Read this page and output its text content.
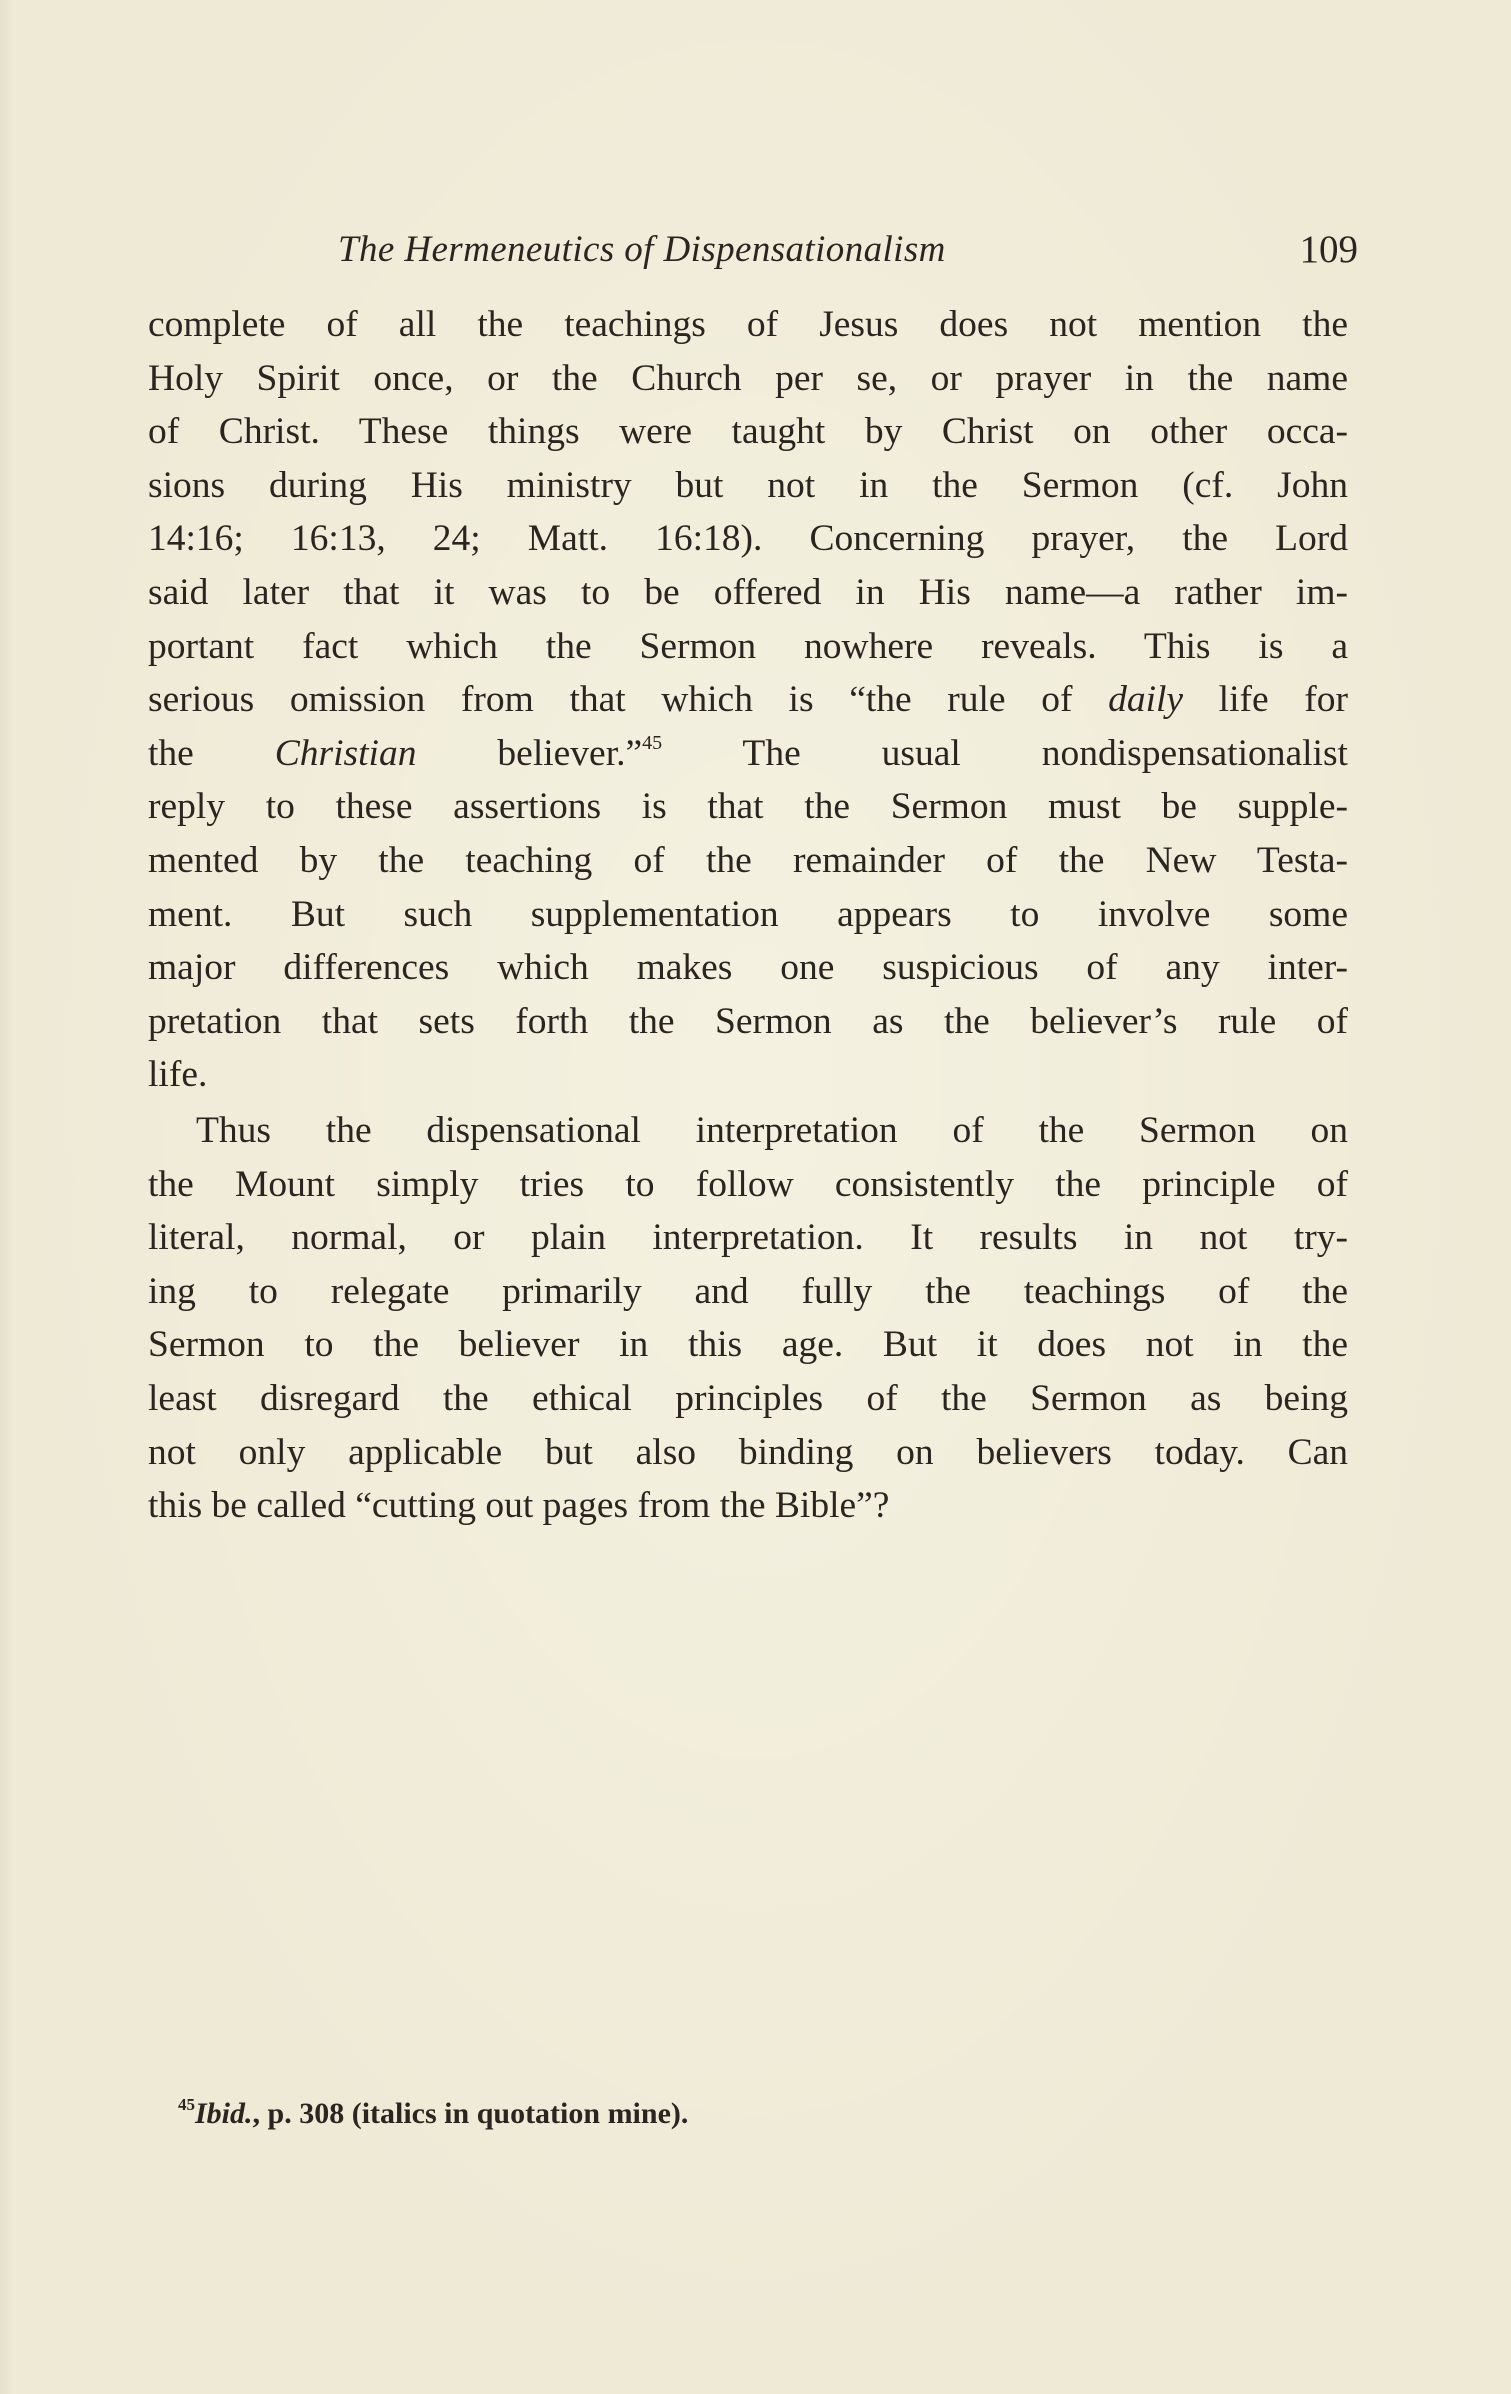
The Hermeneutics of Dispensationalism	109
complete of all the teachings of Jesus does not mention the
Holy Spirit once, or the Church per se, or prayer in the name
of Christ. These things were taught by Christ on other occa-
sions during His ministry but not in the Sermon (cf. John
14:16; 16:13, 24; Matt. 16:18). Concerning prayer, the Lord
said later that it was to be offered in His name—a rather im-
portant fact which the Sermon nowhere reveals. This is a
serious omission from that which is “the rule of daily life for
the Christian believer.”$^{45}$ The usual nondispensationalist
reply to these assertions is that the Sermon must be supple-
mented by the teaching of the remainder of the New Testa-
ment. But such supplementation appears to involve some
major differences which makes one suspicious of any inter-
pretation that sets forth the Sermon as the believer’s rule of
life.
Thus the dispensational interpretation of the Sermon on
the Mount simply tries to follow consistently the principle of
literal, normal, or plain interpretation. It results in not try-
ing to relegate primarily and fully the teachings of the
Sermon to the believer in this age. But it does not in the
least disregard the ethical principles of the Sermon as being
not only applicable but also binding on believers today. Can
this be called “cutting out pages from the Bible”?
$^{45}$Ibid., p. 308 (italics in quotation mine).
